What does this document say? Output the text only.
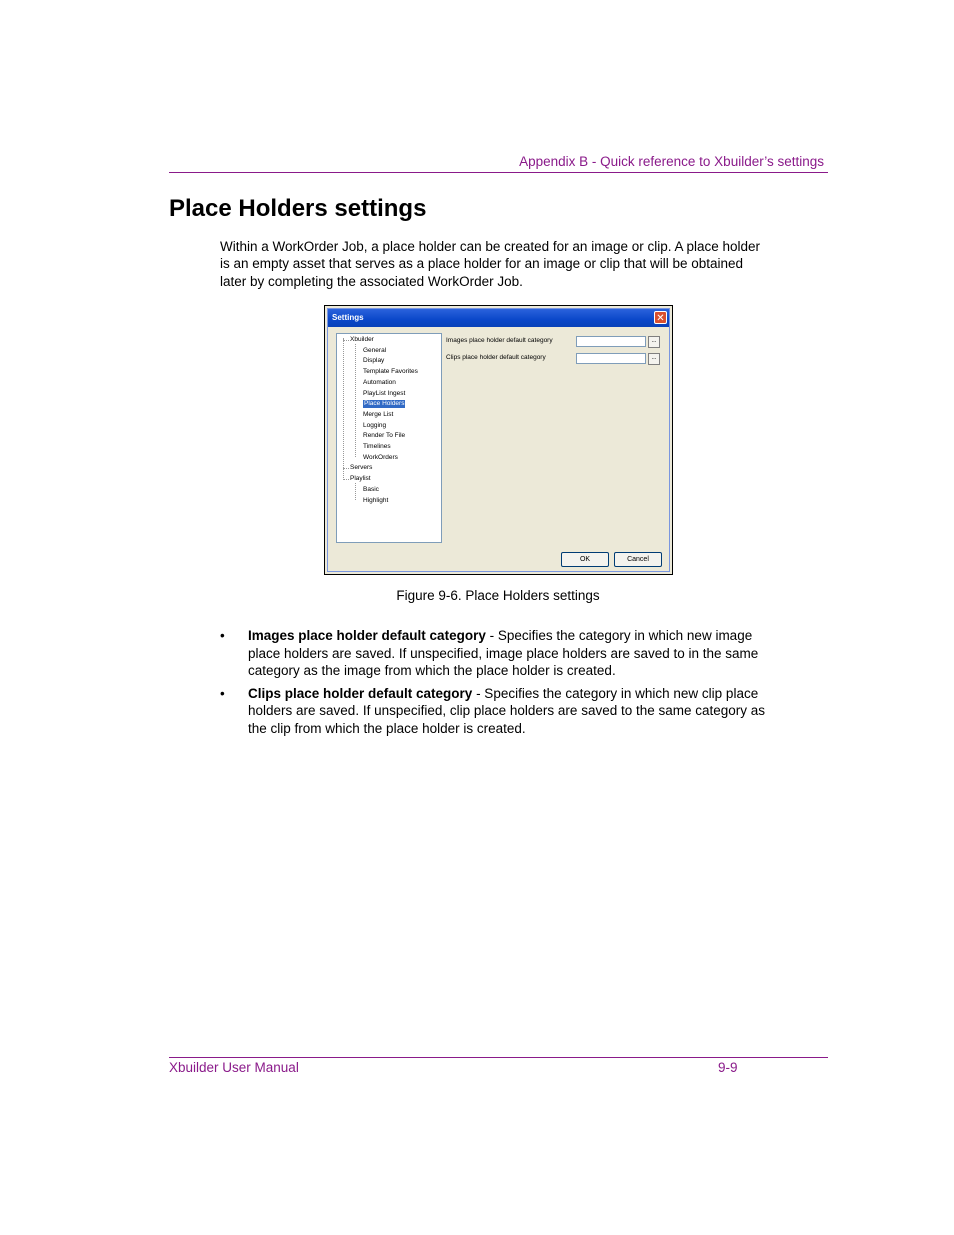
Appendix B - Quick reference to Xbuilder’s settings
Place Holders settings

Within a WorkOrder Job, a place holder can be created for an image or clip. A place holder
is an empty asset that serves as a place holder for an image or clip that will be obtained
later by completing the associated WorkOrder Job.

Settings	✕
Xbuilder
General
Display
Template Favorites
Automation
PlayList Ingest
Place Holders
Merge List
Logging
Render To File
Timelines
WorkOrders
Servers
Playlist
Basic
Highlight
Images place holder default category	...
Clips place holder default category	...
OK	Cancel
Figure 9-6. Place Holders settings
• Images place holder default category - Specifies the category in which new image
place holders are saved. If unspecified, image place holders are saved to in the same
category as the image from which the place holder is created.
• Clips place holder default category - Specifies the category in which new clip place
holders are saved. If unspecified, clip place holders are saved to the same category as
the clip from which the place holder is created.
Xbuilder User Manual	9-9
